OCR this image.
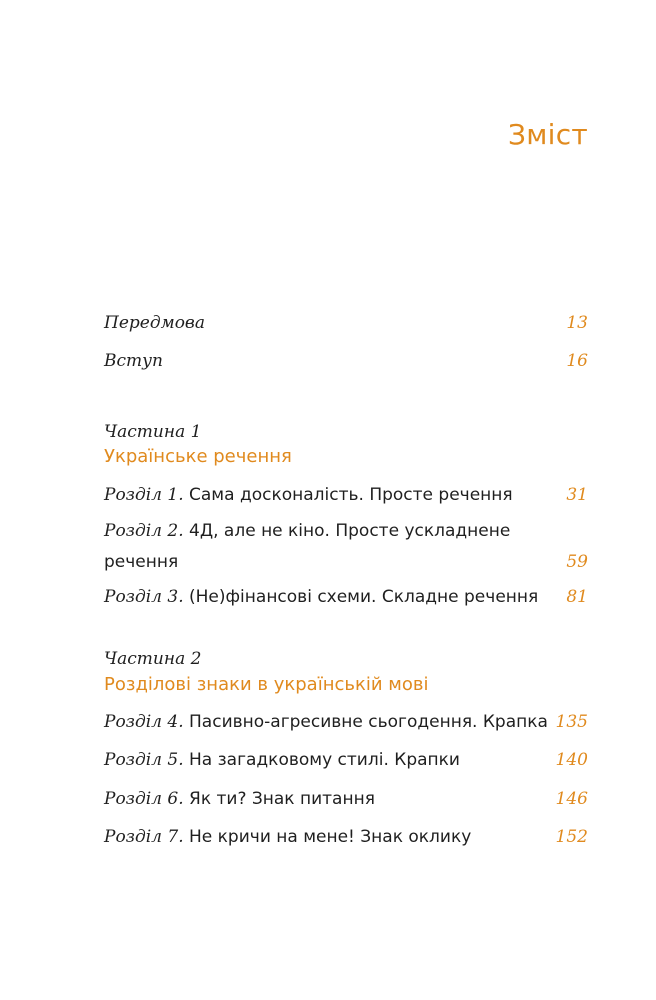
Зміст
Передмова	13
Вступ	16
Частина 1
Українське речення
Розділ 1. Сама досконалість. Просте речення	31
Розділ 2. 4Д, але не кіно. Просте ускладнене речення	59
Розділ 3. (Не)фінансові схеми. Складне речення 81
Частина 2
Розділові знаки в українській мові
Розділ 4. Пасивно-агресивне сьогодення. Крапка 135
Розділ 5. На загадковому стилі. Крапки	140
Розділ 6. Як ти? Знак питання	146
Розділ 7. Не кричи на мене! Знак оклику	152
